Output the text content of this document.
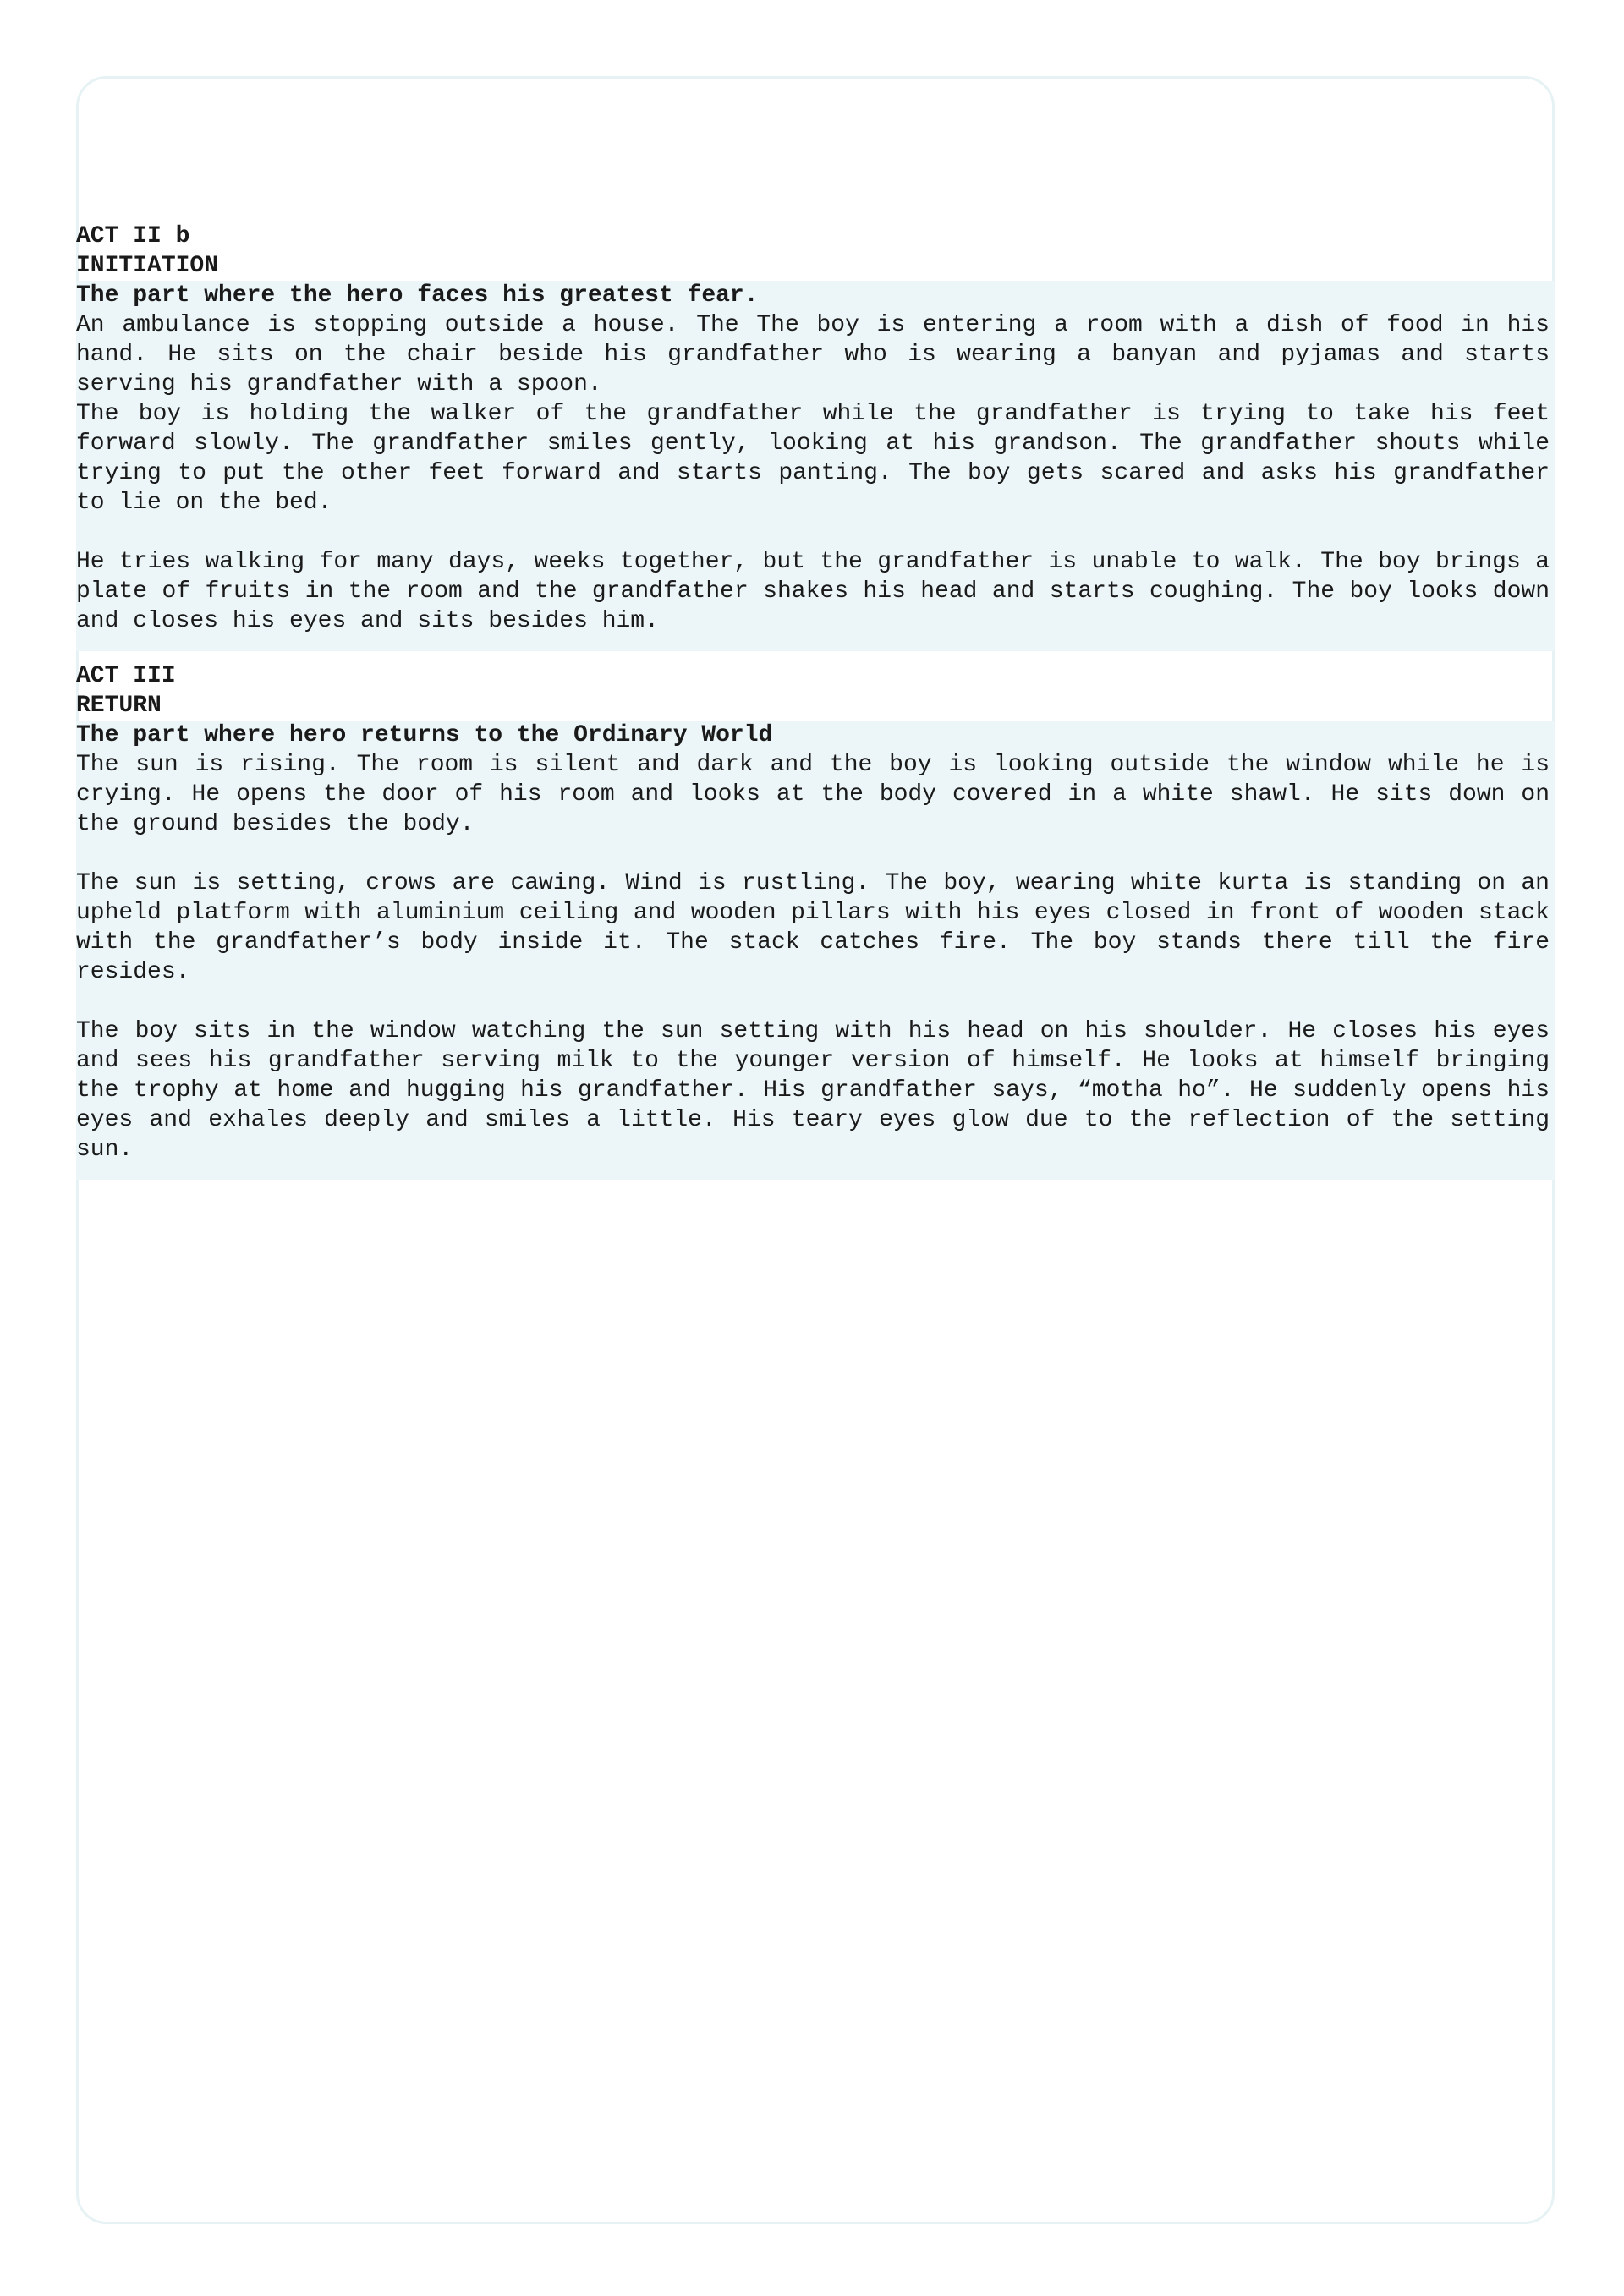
ACT II b
INITIATION
The part where the hero faces his greatest fear.

An ambulance is stopping outside a house. The The boy is entering a room with a dish of food in his hand. He sits on the chair beside his grandfather who is wearing a banyan and pyjamas and starts serving his grandfather with a spoon.

The boy is holding the walker of the grandfather while the grandfather is trying to take his feet forward slowly. The grandfather smiles gently, looking at his grandson. The grandfather shouts while trying to put the other feet forward and starts panting. The boy gets scared and asks his grandfather to lie on the bed.

He tries walking for many days, weeks together, but the grandfather is unable to walk. The boy brings a plate of fruits in the room and the grandfather shakes his head and starts coughing. The boy looks down and closes his eyes and sits besides him.

ACT III
RETURN
The part where hero returns to the Ordinary World

The sun is rising. The room is silent and dark and the boy is looking outside the window while he is crying. He opens the door of his room and looks at the body covered in a white shawl. He sits down on the ground besides the body.

The sun is setting, crows are cawing. Wind is rustling. The boy, wearing white kurta is standing on an upheld platform with aluminium ceiling and wooden pillars with his eyes closed in front of wooden stack with the grandfather’s body inside it. The stack catches fire. The boy stands there till the fire resides.

The boy sits in the window watching the sun setting with his head on his shoulder. He closes his eyes and sees his grandfather serving milk to the younger version of himself. He looks at himself bringing the trophy at home and hugging his grandfather. His grandfather says, “motha ho”. He suddenly opens his eyes and exhales deeply and smiles a little. His teary eyes glow due to the reflection of the setting sun.
